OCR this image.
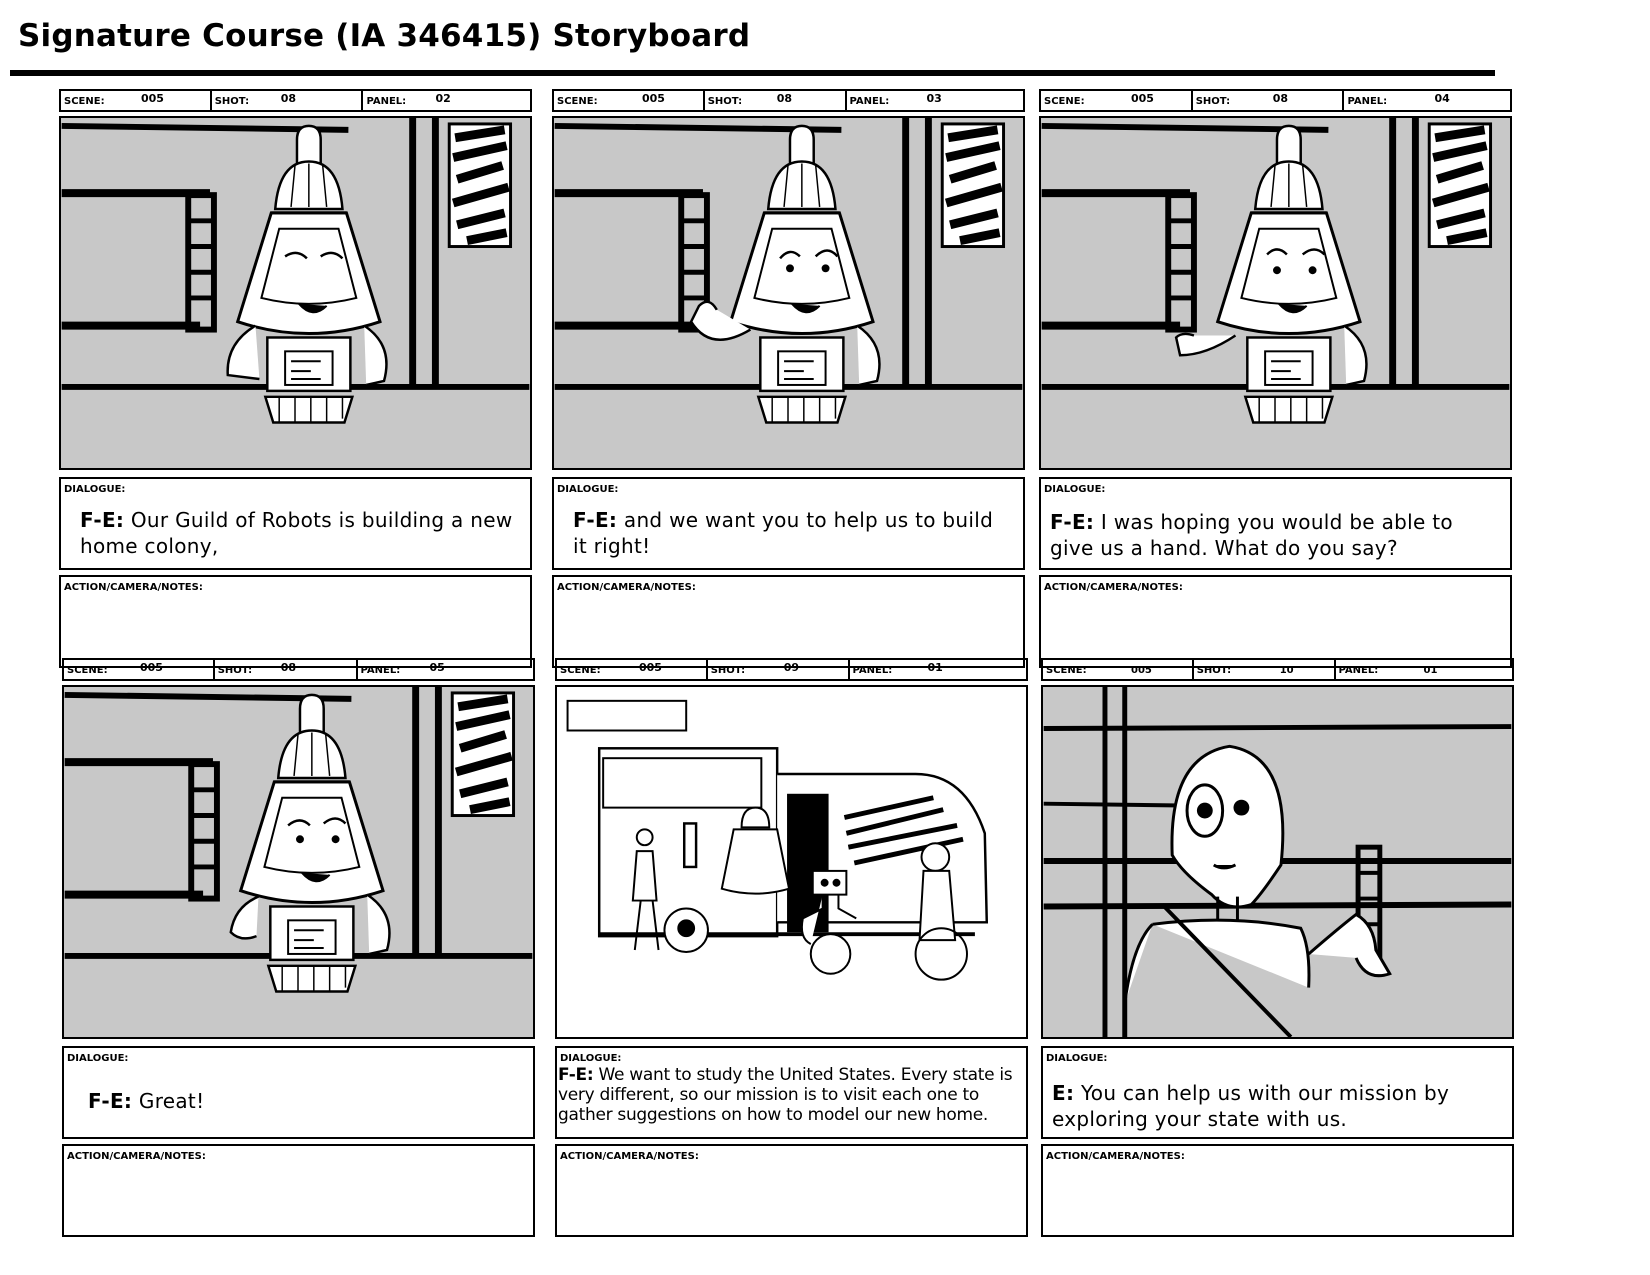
Signature Course (IA 346415) Storyboard
SCENE:	005	SHOT:	08	PANEL:	02
DIALOGUE:
F-E: Our Guild of Robots is building a new home colony,
ACTION/CAMERA/NOTES:
SCENE:	005	SHOT:	08	PANEL:	03
DIALOGUE:
F-E: and we want you to help us to build it right!
ACTION/CAMERA/NOTES:
SCENE:	005	SHOT:	08	PANEL:	04
DIALOGUE:
F-E: I was hoping you would be able to give us a hand. What do you say?
ACTION/CAMERA/NOTES:
SCENE:	005	SHOT:	08	PANEL:	05
DIALOGUE:
F-E: Great!
ACTION/CAMERA/NOTES:
SCENE:	005	SHOT:	09	PANEL:	01
DIALOGUE:
F-E: We want to study the United States. Every state is very different, so our mission is to visit each one to gather suggestions on how to model our new home.
ACTION/CAMERA/NOTES:
SCENE:	005	SHOT:	10	PANEL:	01
DIALOGUE:
E: You can help us with our mission by exploring your state with us.
ACTION/CAMERA/NOTES:
